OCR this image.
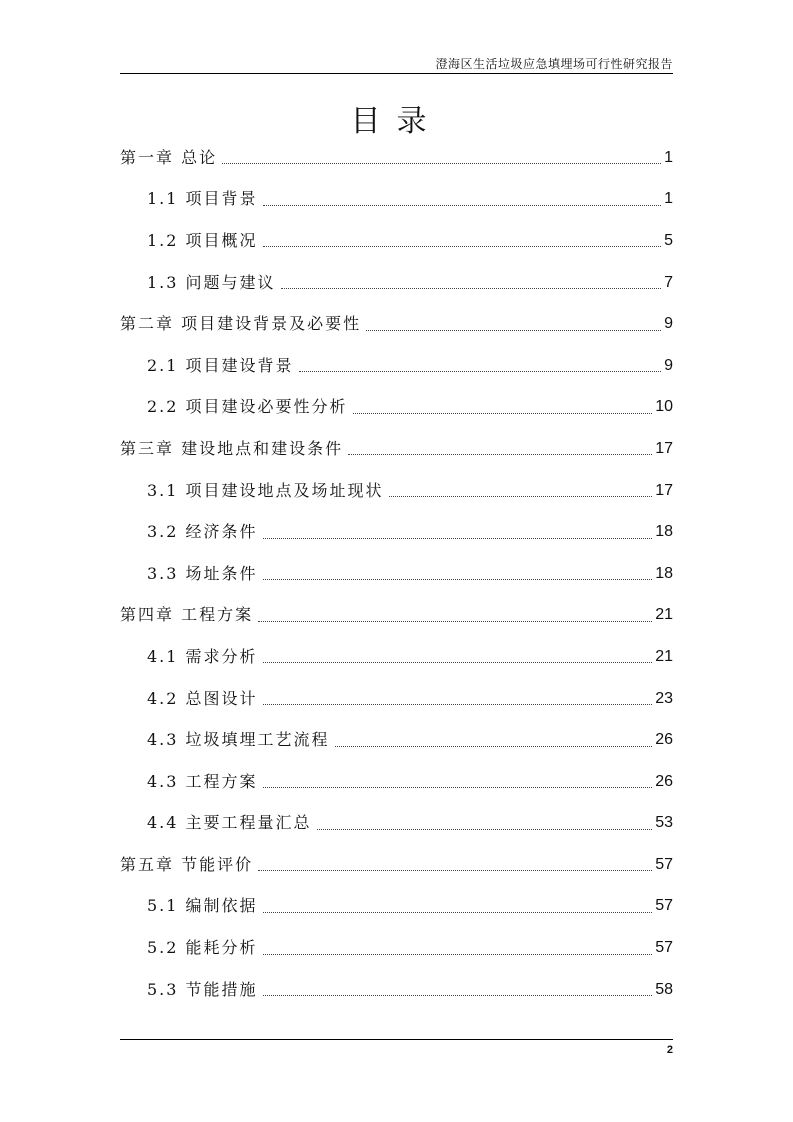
澄海区生活垃圾应急填埋场可行性研究报告
目录
第一章 总论	1
1.1 项目背景	1
1.2 项目概况	5
1.3 问题与建议	7
第二章 项目建设背景及必要性	9
2.1 项目建设背景	9
2.2 项目建设必要性分析	10
第三章 建设地点和建设条件	17
3.1 项目建设地点及场址现状	17
3.2 经济条件	18
3.3 场址条件	18
第四章 工程方案	21
4.1 需求分析	21
4.2 总图设计	23
4.3 垃圾填埋工艺流程	26
4.3 工程方案	26
4.4 主要工程量汇总	53
第五章 节能评价	57
5.1 编制依据	57
5.2 能耗分析	57
5.3 节能措施	58
2
